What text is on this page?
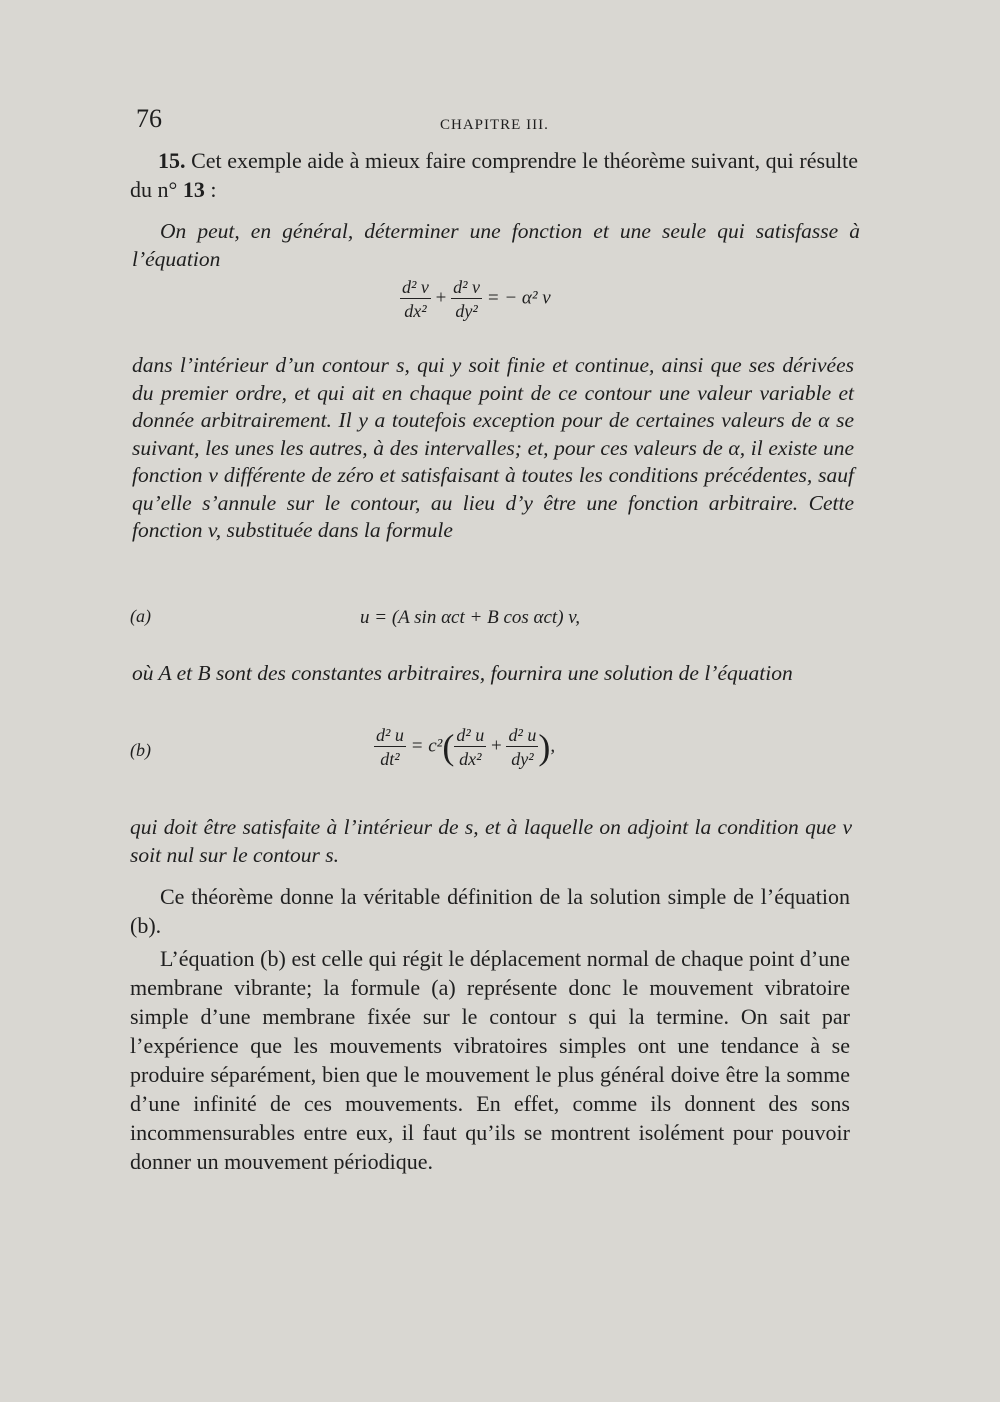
76	CHAPITRE III.
15. Cet exemple aide à mieux faire comprendre le théorème suivant, qui résulte du n° 13 :
On peut, en général, déterminer une fonction et une seule qui satisfasse à l’équation
$\frac{\text{d² v}}{\text{dx²}} + \frac{\text{d² v}}{\text{dy²}}$ = − α² v
dans l’intérieur d’un contour s, qui y soit finie et continue, ainsi que ses dérivées du premier ordre, et qui ait en chaque point de ce contour une valeur variable et donnée arbitrairement. Il y a toutefois exception pour de certaines valeurs de α se suivant, les unes les autres, à des intervalles; et, pour ces valeurs de α, il existe une fonction v différente de zéro et satisfaisant à toutes les conditions précédentes, sauf qu’elle s’annule sur le contour, au lieu d’y être une fonction arbitraire. Cette fonction v, substituée dans la formule
(a)	u = (A sin αct + B cos αct) v,
où A et B sont des constantes arbitraires, fournira une solution de l’équation
(b)	$\frac{\text{d² u}}{\text{dt²}} = c^2( \frac{\text{d² u}}{\text{dx²}} + \frac{\text{d² u}}{\text{dy²}}$ ),
qui doit être satisfaite à l’intérieur de s, et à laquelle on adjoint la condition que v soit nul sur le contour s.
Ce théorème donne la véritable définition de la solution simple de l’équation (b).
L’équation (b) est celle qui régit le déplacement normal de chaque point d’une membrane vibrante; la formule (a) représente donc le mouvement vibratoire simple d’une membrane fixée sur le contour s qui la termine. On sait par l’expérience que les mouvements vibratoires simples ont une tendance à se produire séparément, bien que le mouvement le plus général doive être la somme d’une infinité de ces mouvements. En effet, comme ils donnent des sons incommensurables entre eux, il faut qu’ils se montrent isolément pour pouvoir donner un mouvement périodique.
